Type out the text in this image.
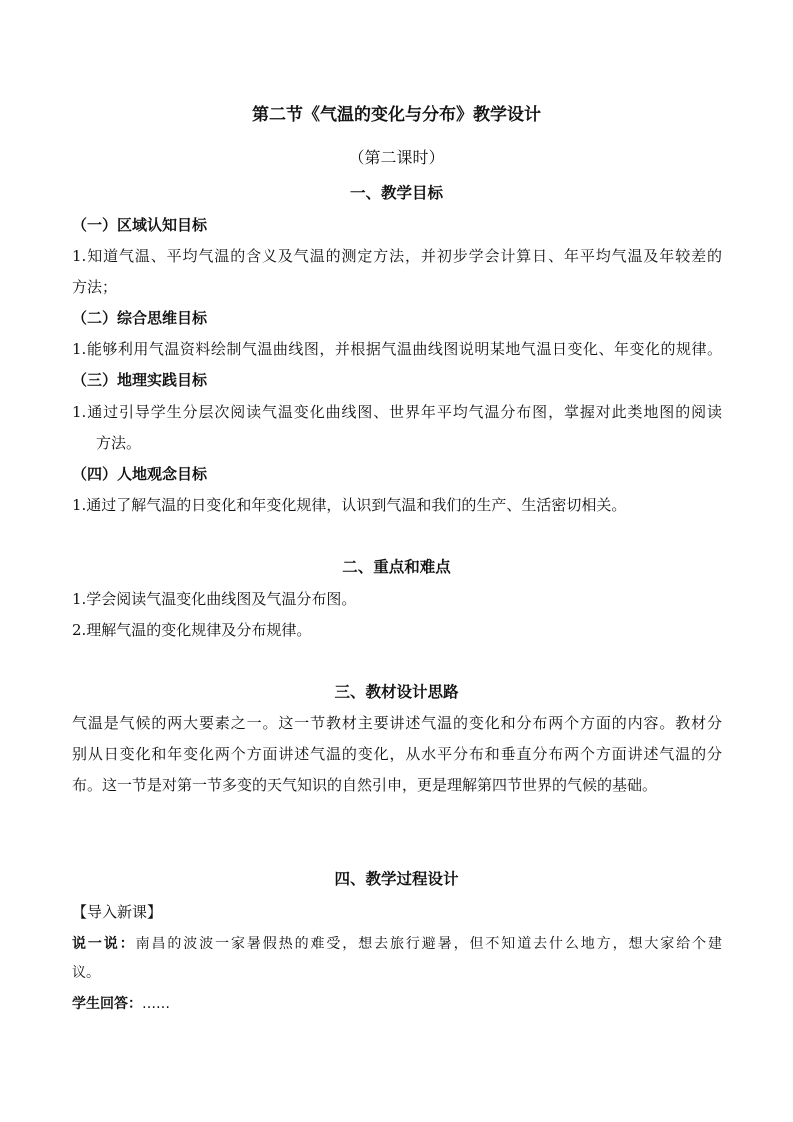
第二节《气温的变化与分布》教学设计
（第二课时）
一、教学目标
（一）区域认知目标
1.知道气温、平均气温的含义及气温的测定方法，并初步学会计算日、年平均气温及年较差的
方法；
（二）综合思维目标
1.能够利用气温资料绘制气温曲线图，并根据气温曲线图说明某地气温日变化、年变化的规律。
（三）地理实践目标
1.通过引导学生分层次阅读气温变化曲线图、世界年平均气温分布图，掌握对此类地图的阅读
方法。
（四）人地观念目标
1.通过了解气温的日变化和年变化规律，认识到气温和我们的生产、生活密切相关。
二、重点和难点
1.学会阅读气温变化曲线图及气温分布图。
2.理解气温的变化规律及分布规律。
三、教材设计思路
气温是气候的两大要素之一。这一节教材主要讲述气温的变化和分布两个方面的内容。教材分
别从日变化和年变化两个方面讲述气温的变化，从水平分布和垂直分布两个方面讲述气温的分
布。这一节是对第一节多变的天气知识的自然引申，更是理解第四节世界的气候的基础。
四、教学过程设计
【导入新课】
说一说：南昌的波波一家暑假热的难受，想去旅行避暑，但不知道去什么地方，想大家给个建
议。
学生回答：……
